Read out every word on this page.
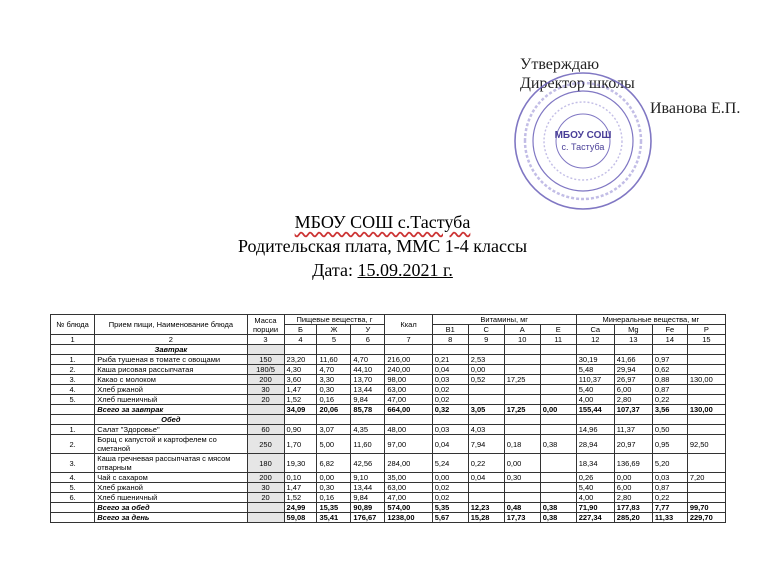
Утверждаю
Директор школы
Иванова Е.П.
МБОУ СОШ
с. Тастуба
МБОУ СОШ с.Тастуба
Родительская плата, ММС 1-4 классы
Дата: 15.09.2021 г.
№ блюда	Прием пищи, Наименование блюда	Масса порции	Пищевые вещества, г			Ккал	Витамины, мг				Минеральные вещества, мг			
			Б	Ж	У		B1	C	A	E	Ca	Mg	Fe	P
1	2	3	4	5	6	7	8	9	10	11	12	13	14	15
	Завтрак													
1.	Рыба тушеная в томате с овощами	150	23,20	11,60	4,70	216,00	0,21	2,53			30,19	41,66	0,97	
2.	Каша рисовая рассыпчатая	180/5	4,30	4,70	44,10	240,00	0,04	0,00			5,48	29,94	0,62	
3.	Какао с молоком	200	3,60	3,30	13,70	98,00	0,03	0,52	17,25		110,37	26,97	0,88	130,00
4.	Хлеб ржаной	30	1,47	0,30	13,44	63,00	0,02				5,40	6,00	0,87	
5.	Хлеб пшеничный	20	1,52	0,16	9,84	47,00	0,02				4,00	2,80	0,22	
	Всего за завтрак		34,09	20,06	85,78	664,00	0,32	3,05	17,25	0,00	155,44	107,37	3,56	130,00
	Обед													
1.	Салат "Здоровье"	60	0,90	3,07	4,35	48,00	0,03	4,03			14,96	11,37	0,50	
2.	Борщ с капустой и картофелем со сметаной	250	1,70	5,00	11,60	97,00	0,04	7,94	0,18	0,38	28,94	20,97	0,95	92,50
3.	Каша гречневая рассыпчатая с мясом отварным	180	19,30	6,82	42,56	284,00	5,24	0,22	0,00		18,34	136,69	5,20	
4.	Чай с сахаром	200	0,10	0,00	9,10	35,00	0,00	0,04	0,30		0,26	0,00	0,03	7,20
5.	Хлеб ржаной	30	1,47	0,30	13,44	63,00	0,02				5,40	6,00	0,87	
6.	Хлеб пшеничный	20	1,52	0,16	9,84	47,00	0,02				4,00	2,80	0,22	
	Всего за обед		24,99	15,35	90,89	574,00	5,35	12,23	0,48	0,38	71,90	177,83	7,77	99,70
	Всего за день		59,08	35,41	176,67	1238,00	5,67	15,28	17,73	0,38	227,34	285,20	11,33	229,70
